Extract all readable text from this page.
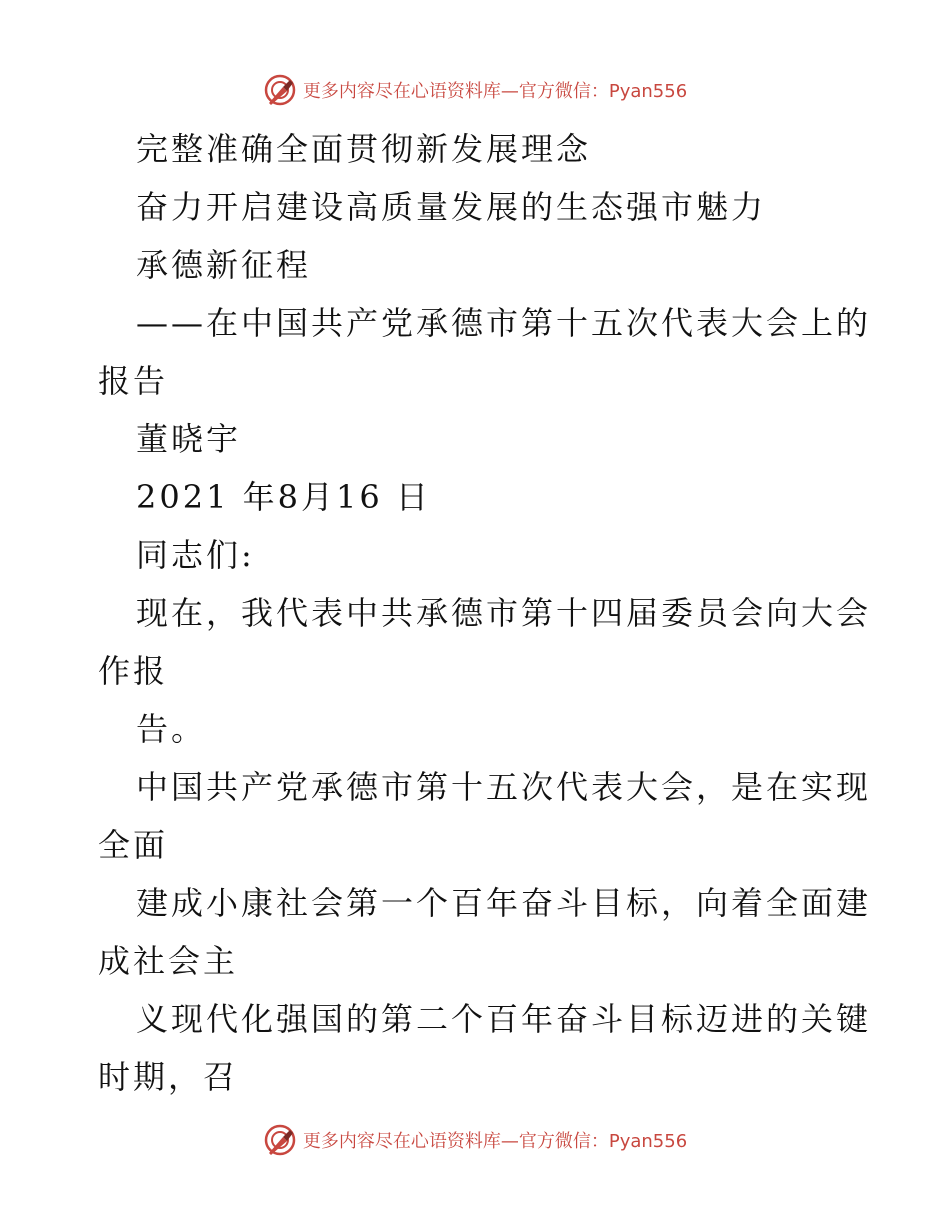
更多内容尽在心语资料库—官方微信：Pyan556
完整准确全面贯彻新发展理念
奋力开启建设高质量发展的生态强市魅力
承德新征程
——在中国共产党承德市第十五次代表大会上的
报告
董晓宇
2021 年8月16 日
同志们:
现在，我代表中共承德市第十四届委员会向大会
作报
告。
中国共产党承德市第十五次代表大会，是在实现
全面
建成小康社会第一个百年奋斗目标，向着全面建
成社会主
义现代化强国的第二个百年奋斗目标迈进的关键
时期，召
更多内容尽在心语资料库—官方微信：Pyan556
